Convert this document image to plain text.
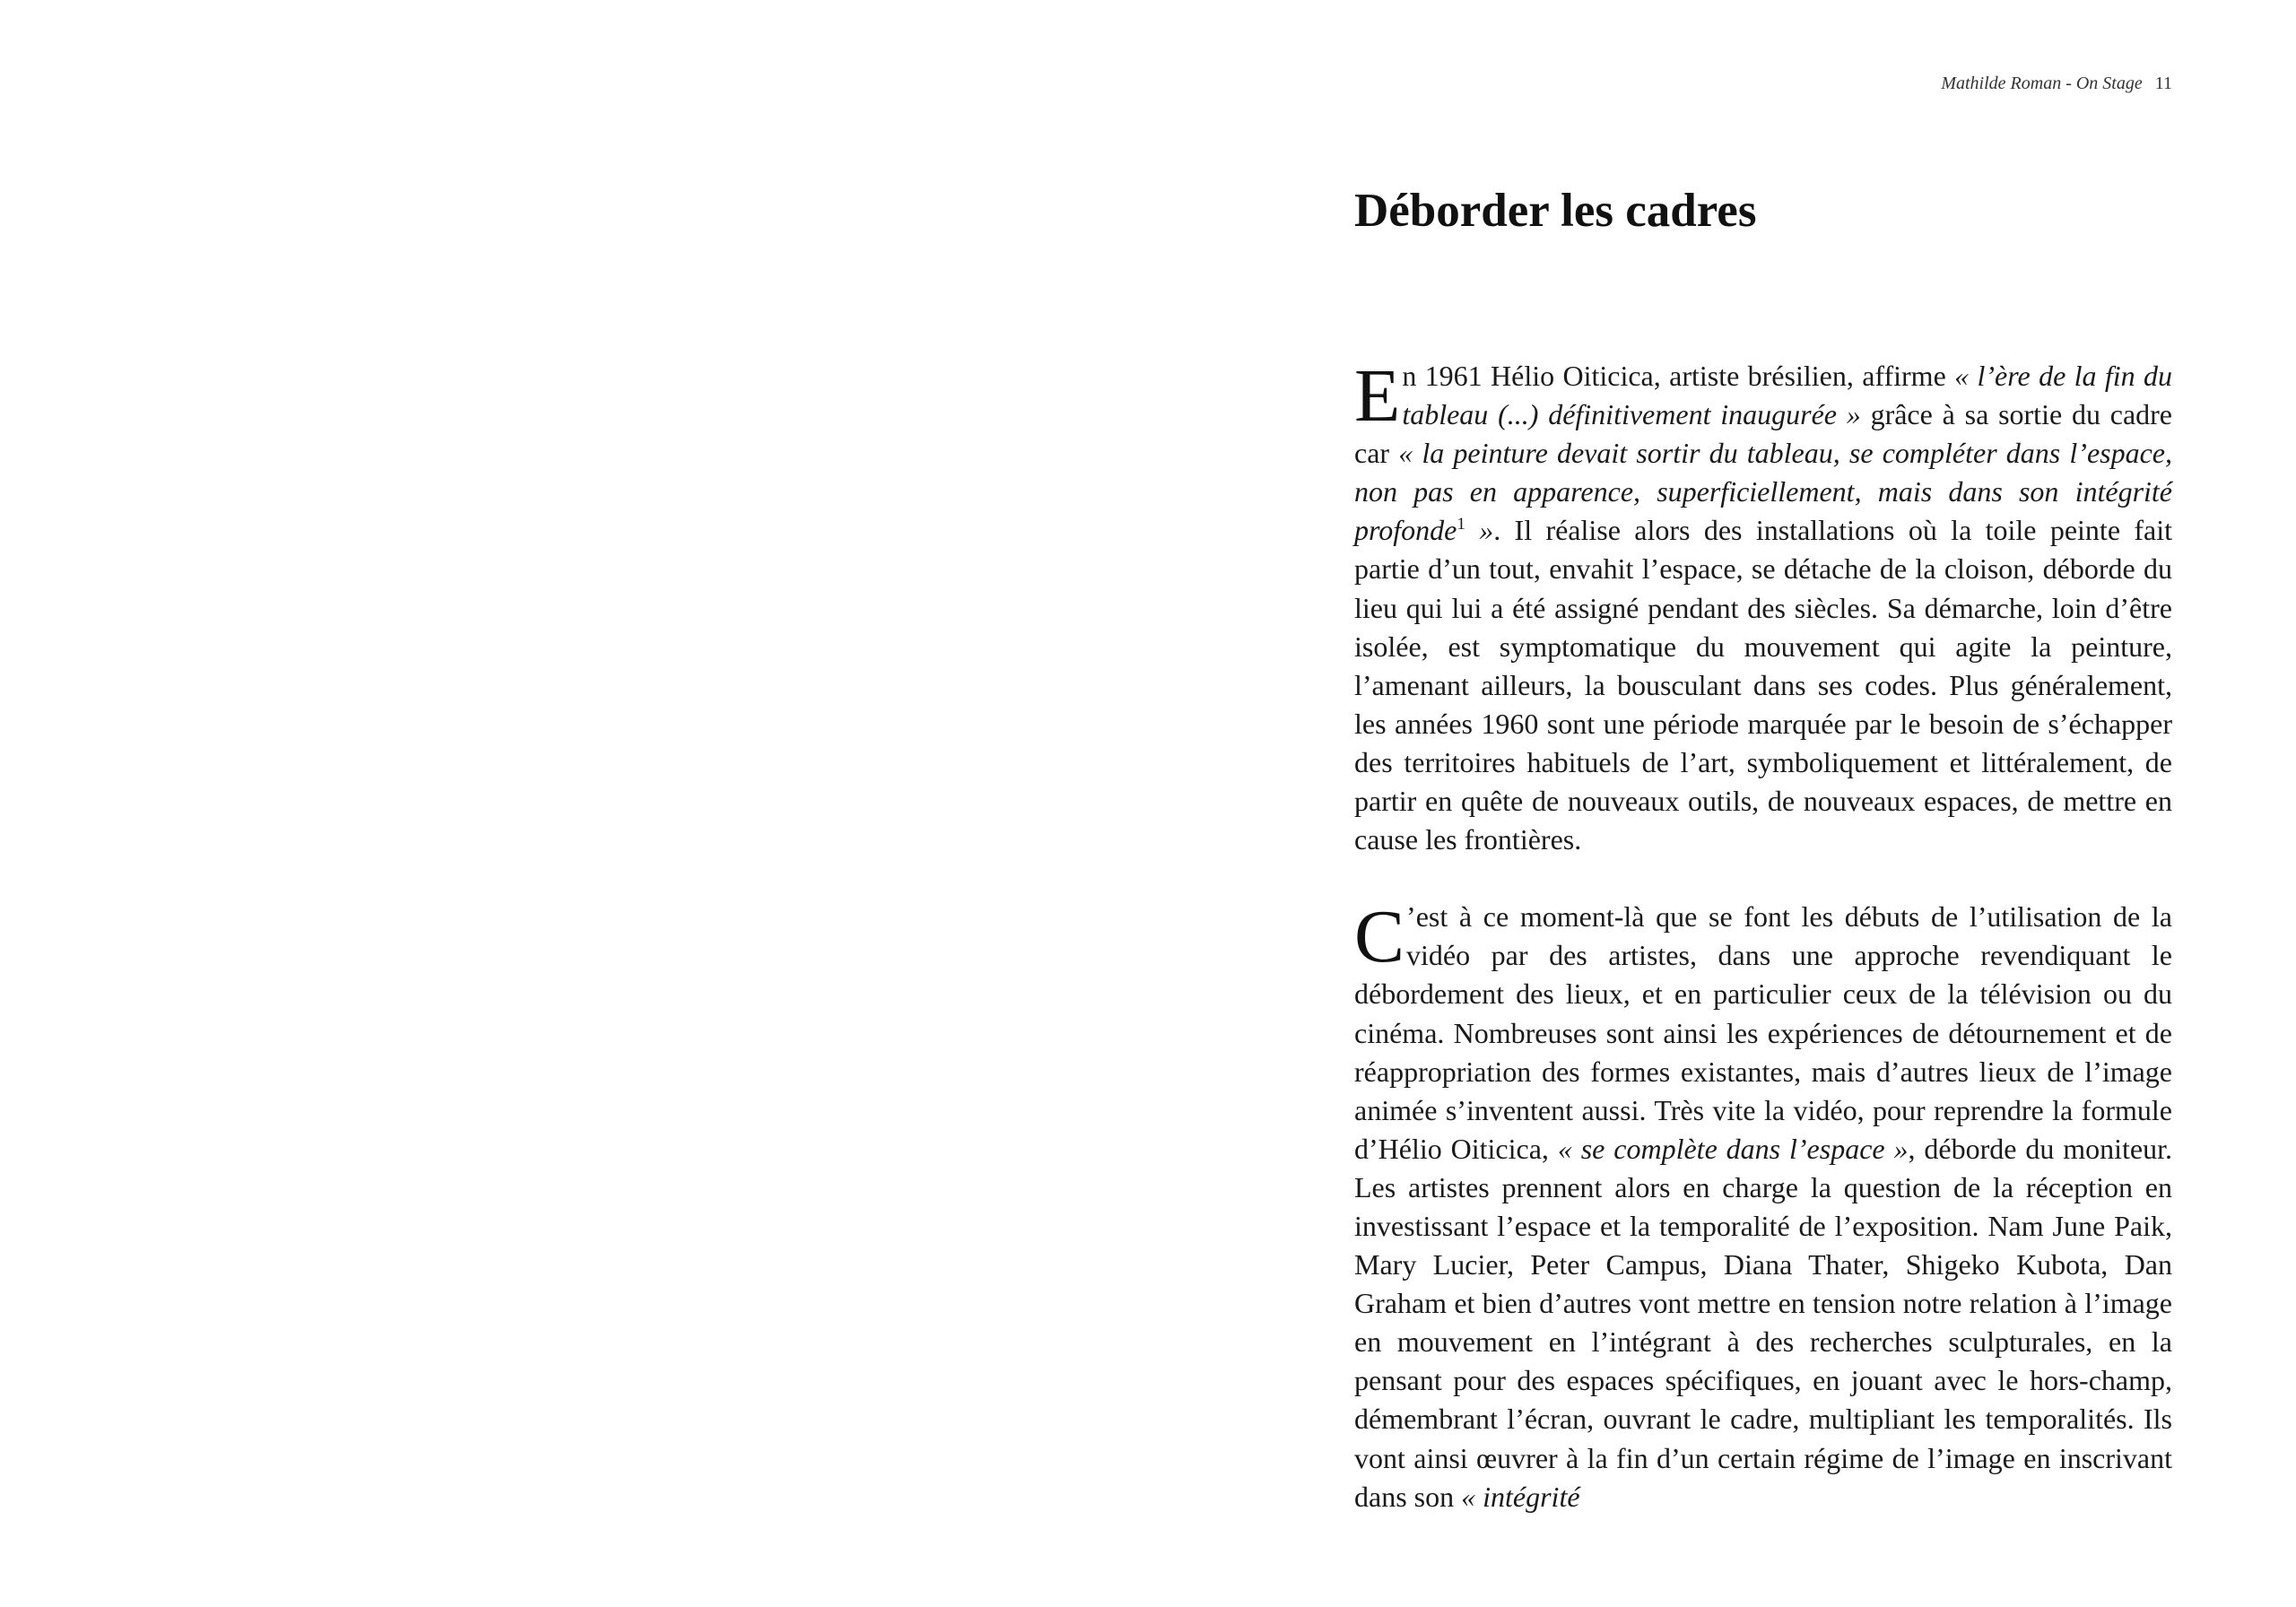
Mathilde Roman - On Stage 11
Déborder les cadres

E n 1961 Hélio Oiticica, artiste brésilien, affirme « l’ère de la fin du tableau (...) définitivement inaugurée » grâce à sa sortie du cadre car « la peinture devait sortir du tableau, se compléter dans l’espace, non pas en apparence, superficiellement, mais dans son intégrité profonde$^1$ ». Il réalise alors des installations où la toile peinte fait partie d’un tout, envahit l’espace, se détache de la cloison, déborde du lieu qui lui a été assigné pendant des siècles. Sa démarche, loin d’être isolée, est symptomatique du mouvement qui agite la peinture, l’amenant ailleurs, la bousculant dans ses codes. Plus généralement, les années 1960 sont une période marquée par le besoin de s’échapper des territoires habituels de l’art, symboliquement et littéralement, de partir en quête de nouveaux outils, de nouveaux espaces, de mettre en cause les frontières.

C ’est à ce moment-là que se font les débuts de l’utilisation de la vidéo par des artistes, dans une approche revendiquant le débordement des lieux, et en particulier ceux de la télévision ou du cinéma. Nombreuses sont ainsi les expériences de détournement et de réappropriation des formes existantes, mais d’autres lieux de l’image animée s’inventent aussi. Très vite la vidéo, pour reprendre la formule d’Hélio Oiticica, « se complète dans l’espace », déborde du moniteur. Les artistes prennent alors en charge la question de la réception en investissant l’espace et la temporalité de l’exposition. Nam June Paik, Mary Lucier, Peter Campus, Diana Thater, Shigeko Kubota, Dan Graham et bien d’autres vont mettre en tension notre relation à l’image en mouvement en l’intégrant à des recherches sculpturales, en la pensant pour des espaces spécifiques, en jouant avec le hors-champ, démembrant l’écran, ouvrant le cadre, multipliant les temporalités. Ils vont ainsi œuvrer à la fin d’un certain régime de l’image en inscrivant dans son « intégrité
